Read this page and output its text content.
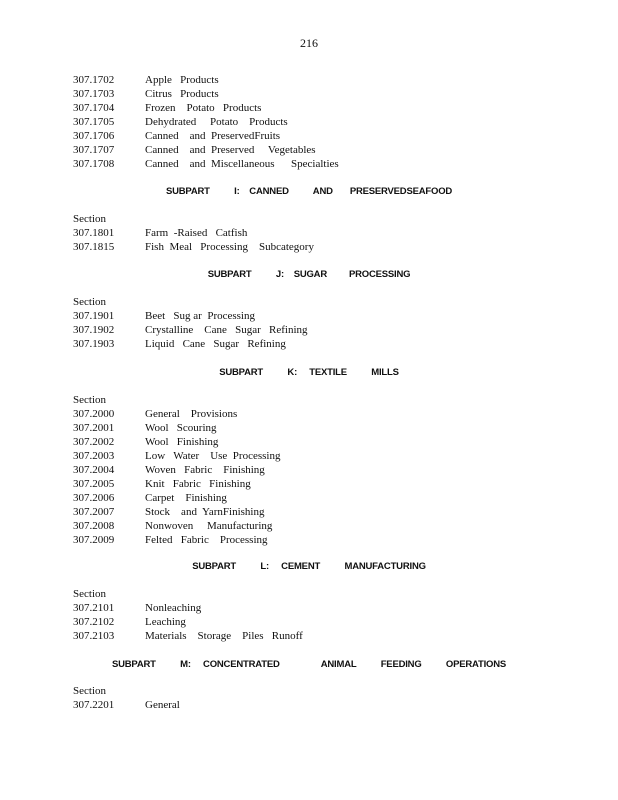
216
307.1702	Apple   Products
307.1703	Citrus   Products
307.1704	Frozen    Potato   Products
307.1705	Dehydrated     Potato    Products
307.1706	Canned    and  PreservedFruits
307.1707	Canned    and  Preserved     Vegetables
307.1708	Canned    and  Miscellaneous      Specialties
SUBPART          I:    CANNED          AND       PRESERVEDSEAFOOD
Section
307.1801	Farm  -Raised   Catfish
307.1815	Fish  Meal   Processing    Subcategory
SUBPART          J:    SUGAR         PROCESSING
Section
307.1901	Beet   Sug ar  Processing
307.1902	Crystalline    Cane   Sugar   Refining
307.1903	Liquid   Cane   Sugar   Refining
SUBPART          K:     TEXTILE          MILLS
Section
307.2000	General    Provisions
307.2001	Wool   Scouring
307.2002	Wool   Finishing
307.2003	Low   Water    Use  Processing
307.2004	Woven   Fabric    Finishing
307.2005	Knit   Fabric   Finishing
307.2006	Carpet    Finishing
307.2007	Stock    and  YarnFinishing
307.2008	Nonwoven     Manufacturing
307.2009	Felted   Fabric    Processing
SUBPART          L:     CEMENT          MANUFACTURING
Section
307.2101	Nonleaching
307.2102	Leaching
307.2103	Materials    Storage    Piles   Runoff
SUBPART          M:     CONCENTRATED                 ANIMAL          FEEDING          OPERATIONS
Section
307.2201	General
